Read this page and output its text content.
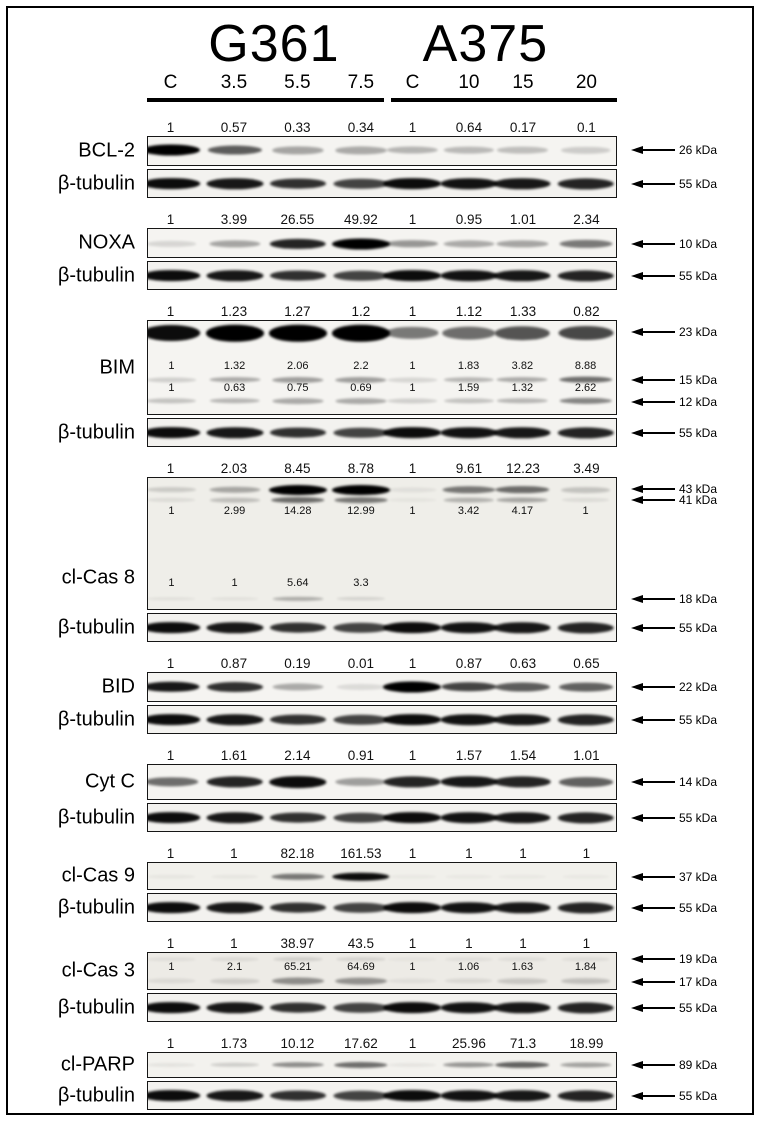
G361 A375
C 3.5 5.5 7.5 C 10 15 20
1	0.57	0.33	0.34	1	0.64 0.17	0.1
BCL-2	26 kDa
β-tubulin	55 kDa
1	3.99 26.55 49.92 1	0.95 1.01	2.34
NOXA	10 kDa
β-tubulin	55 kDa
1	1.23	1.27	1.2	1	1.12 1.33	0.82
BIM	1	1.32	2.06	2.2	1	1.83	3.82	8.88
1	0.63	0.75	0.69	1	1.59	1.32	2.62
23 kDa
15 kDa
12 kDa
β-tubulin	55 kDa
1	2.03	8.45	8.78	1	9.61 12.23 3.49
cl-Cas 8
1	2.99	14.28	12.99	1	3.42	4.17	1
1	1	5.64	3.3
43 kDa
41 kDa
18 kDa
β-tubulin	55 kDa
1	0.87	0.19	0.01	1	0.87 0.63	0.65
BID	22 kDa
β-tubulin	55 kDa
1	1.61	2.14	0.91	1	1.57 1.54	1.01
Cyt C	14 kDa
β-tubulin	55 kDa
1	1	82.18 161.53 1	1	1	1
cl-Cas 9	37 kDa
β-tubulin	55 kDa
1	1	38.97 43.5	1	1	1	1
cl-Cas 3	1	2.1	65.21	64.69	1	1.06	1.63	1.84
19 kDa
17 kDa
β-tubulin	55 kDa
1	1.73 10.12 17.62 1	25.96 71.3 18.99
cl-PARP	89 kDa
β-tubulin	55 kDa
